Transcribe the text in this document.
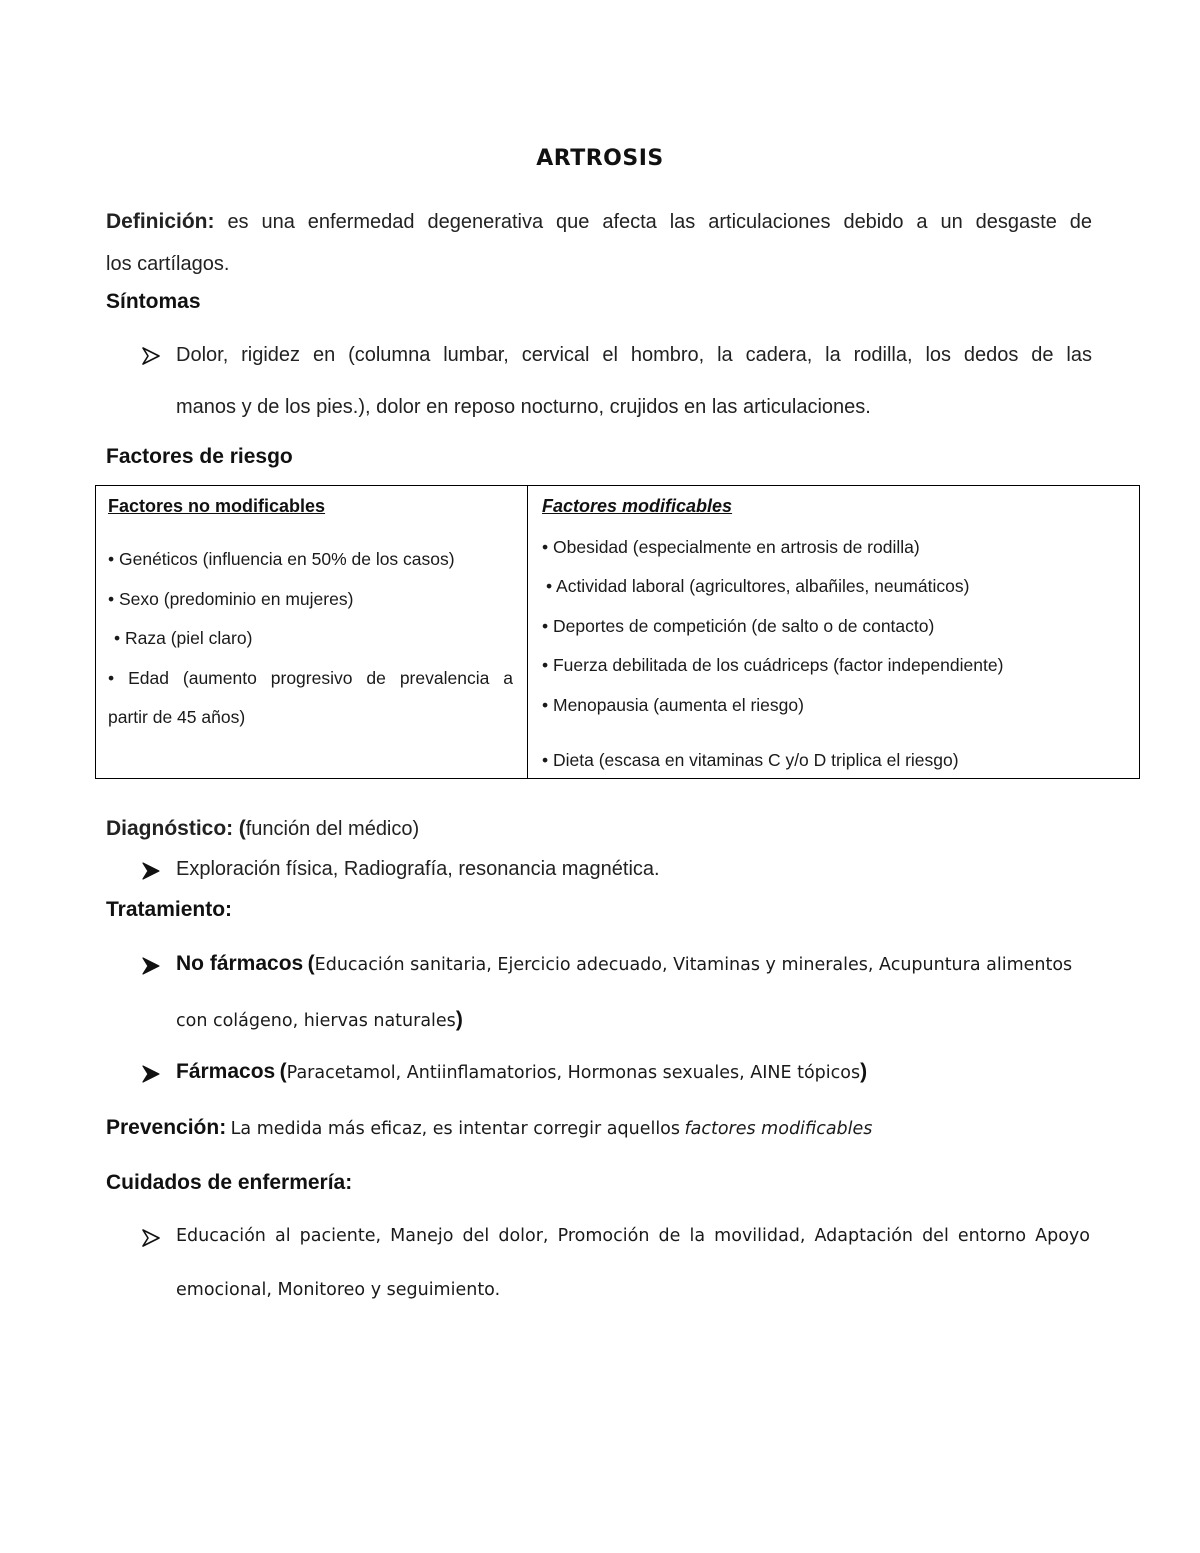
ARTROSIS
Definición: es una enfermedad degenerativa que afecta las articulaciones debido a un desgaste de
los cartílagos.
Síntomas
Dolor, rigidez en (columna lumbar, cervical el hombro, la cadera, la rodilla, los dedos de las
manos y de los pies.), dolor en reposo nocturno, crujidos en las articulaciones.
Factores de riesgo
Factores no modificables
• Genéticos (influencia en 50% de los casos)
• Sexo (predominio en mujeres)
• Raza (piel claro)
• Edad (aumento progresivo de prevalencia a
partir de 45 años)
Factores modificables
• Obesidad (especialmente en artrosis de rodilla)
• Actividad laboral (agricultores, albañiles, neumáticos)
• Deportes de competición (de salto o de contacto)
• Fuerza debilitada de los cuádriceps (factor independiente)
• Menopausia (aumenta el riesgo)
• Dieta (escasa en vitaminas C y/o D triplica el riesgo)
Diagnóstico: (función del médico)
Exploración física, Radiografía, resonancia magnética.
Tratamiento:
No fármacos (Educación sanitaria, Ejercicio adecuado, Vitaminas y minerales, Acupuntura alimentos
con colágeno, hiervas naturales)
Fármacos (Paracetamol, Antiinflamatorios, Hormonas sexuales, AINE tópicos)
Prevención: La medida más eficaz, es intentar corregir aquellos factores modificables
Cuidados de enfermería:
Educación al paciente, Manejo del dolor, Promoción de la movilidad, Adaptación del entorno Apoyo
emocional, Monitoreo y seguimiento.
